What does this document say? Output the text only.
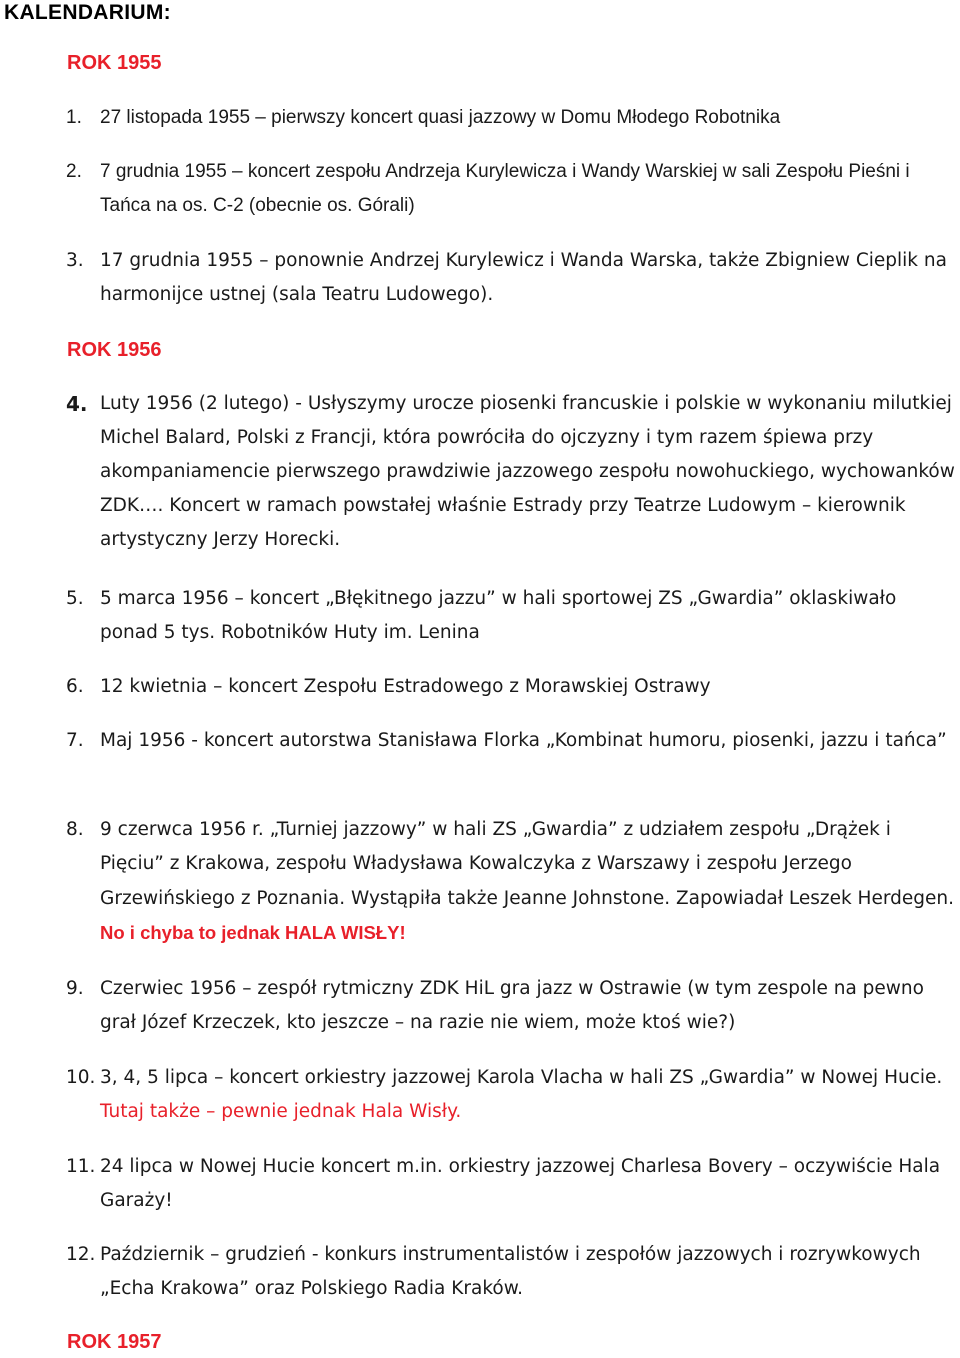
KALENDARIUM:
ROK 1955
1. 27 listopada 1955 – pierwszy koncert quasi jazzowy w Domu Młodego Robotnika
2. 7 grudnia 1955 – koncert zespołu Andrzeja Kurylewicza i Wandy Warskiej w sali Zespołu Pieśni i Tańca na os. C-2 (obecnie os. Górali)
3. 17 grudnia 1955 – ponownie Andrzej Kurylewicz i Wanda Warska, także Zbigniew Cieplik na harmonijce ustnej (sala Teatru Ludowego).
ROK 1956
4. Luty 1956 (2 lutego) - Usłyszymy urocze piosenki francuskie i polskie w wykonaniu milutkiej Michel Balard, Polski z Francji, która powróciła do ojczyzny i tym razem śpiewa przy akompaniamencie pierwszego prawdziwie jazzowego zespołu nowohuckiego, wychowanków ZDK…. Koncert w ramach powstałej właśnie Estrady przy Teatrze Ludowym – kierownik artystyczny Jerzy Horecki.
5. 5 marca 1956 – koncert „Błękitnego jazzu” w hali sportowej ZS „Gwardia” oklaskiwało ponad 5 tys. Robotników Huty im. Lenina
6. 12 kwietnia – koncert Zespołu Estradowego z Morawskiej Ostrawy
7. Maj 1956 - koncert autorstwa Stanisława Florka „Kombinat humoru, piosenki, jazzu i tańca”
8. 9 czerwca 1956 r. „Turniej jazzowy” w hali ZS „Gwardia” z udziałem zespołu „Drążek i Pięciu” z Krakowa, zespołu Władysława Kowalczyka z Warszawy i zespołu Jerzego Grzewińskiego z Poznania. Wystąpiła także Jeanne Johnstone. Zapowiadał Leszek Herdegen. No i chyba to jednak HALA WISŁY!
9. Czerwiec 1956 – zespół rytmiczny ZDK HiL gra jazz w Ostrawie (w tym zespole na pewno grał Józef Krzeczek, kto jeszcze – na razie nie wiem, może ktoś wie?)
10. 3, 4, 5 lipca – koncert orkiestry jazzowej Karola Vlacha w hali ZS „Gwardia” w Nowej Hucie. Tutaj także – pewnie jednak Hala Wisły.
11. 24 lipca w Nowej Hucie koncert m.in. orkiestry jazzowej Charlesa Bovery – oczywiście Hala Garaży!
12. Październik – grudzień - konkurs instrumentalistów i zespołów jazzowych i rozrywkowych „Echa Krakowa” oraz Polskiego Radia Kraków.
ROK 1957
